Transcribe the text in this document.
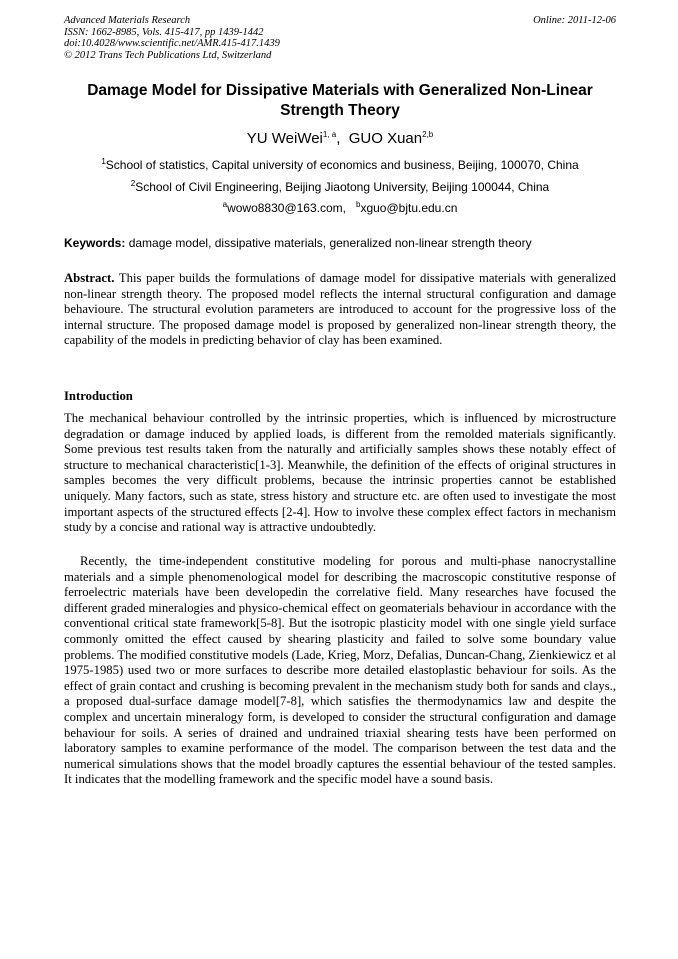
Advanced Materials Research
ISSN: 1662-8985, Vols. 415-417, pp 1439-1442
doi:10.4028/www.scientific.net/AMR.415-417.1439
© 2012 Trans Tech Publications Ltd, Switzerland
Online: 2011-12-06
Damage Model for Dissipative Materials with Generalized Non-Linear Strength Theory
YU WeiWei$^{1, a}$, GUO Xuan$^{2,b}$
$^1$School of statistics, Capital university of economics and business, Beijing, 100070, China
$^2$School of Civil Engineering, Beijing Jiaotong University, Beijing 100044, China
$^a$wowo8830@163.com, $^b$xguo@bjtu.edu.cn
Keywords: damage model, dissipative materials, generalized non-linear strength theory

Abstract. This paper builds the formulations of damage model for dissipative materials with generalized non-linear strength theory. The proposed model reflects the internal structural configuration and damage behavioure. The structural evolution parameters are introduced to account for the progressive loss of the internal structure. The proposed damage model is proposed by generalized non-linear strength theory, the capability of the models in predicting behavior of clay has been examined.

Introduction

The mechanical behaviour controlled by the intrinsic properties, which is influenced by microstructure degradation or damage induced by applied loads, is different from the remolded materials significantly. Some previous test results taken from the naturally and artificially samples shows these notably effect of structure to mechanical characteristic[1-3]. Meanwhile, the definition of the effects of original structures in samples becomes the very difficult problems, because the intrinsic properties cannot be established uniquely. Many factors, such as state, stress history and structure etc. are often used to investigate the most important aspects of the structured effects [2-4]. How to involve these complex effect factors in mechanism study by a concise and rational way is attractive undoubtedly.

Recently, the time-independent constitutive modeling for porous and multi-phase nanocrystalline materials and a simple phenomenological model for describing the macroscopic constitutive response of ferroelectric materials have been developedin the correlative field. Many researches have focused the different graded mineralogies and physico-chemical effect on geomaterials behaviour in accordance with the conventional critical state framework[5-8]. But the isotropic plasticity model with one single yield surface commonly omitted the effect caused by shearing plasticity and failed to solve some boundary value problems. The modified constitutive models (Lade, Krieg, Morz, Defalias, Duncan-Chang, Zienkiewicz et al 1975-1985) used two or more surfaces to describe more detailed elastoplastic behaviour for soils. As the effect of grain contact and crushing is becoming prevalent in the mechanism study both for sands and clays., a proposed dual-surface damage model[7-8], which satisfies the thermodynamics law and despite the complex and uncertain mineralogy form, is developed to consider the structural configuration and damage behaviour for soils. A series of drained and undrained triaxial shearing tests have been performed on laboratory samples to examine performance of the model. The comparison between the test data and the numerical simulations shows that the model broadly captures the essential behaviour of the tested samples. It indicates that the modelling framework and the specific model have a sound basis.
